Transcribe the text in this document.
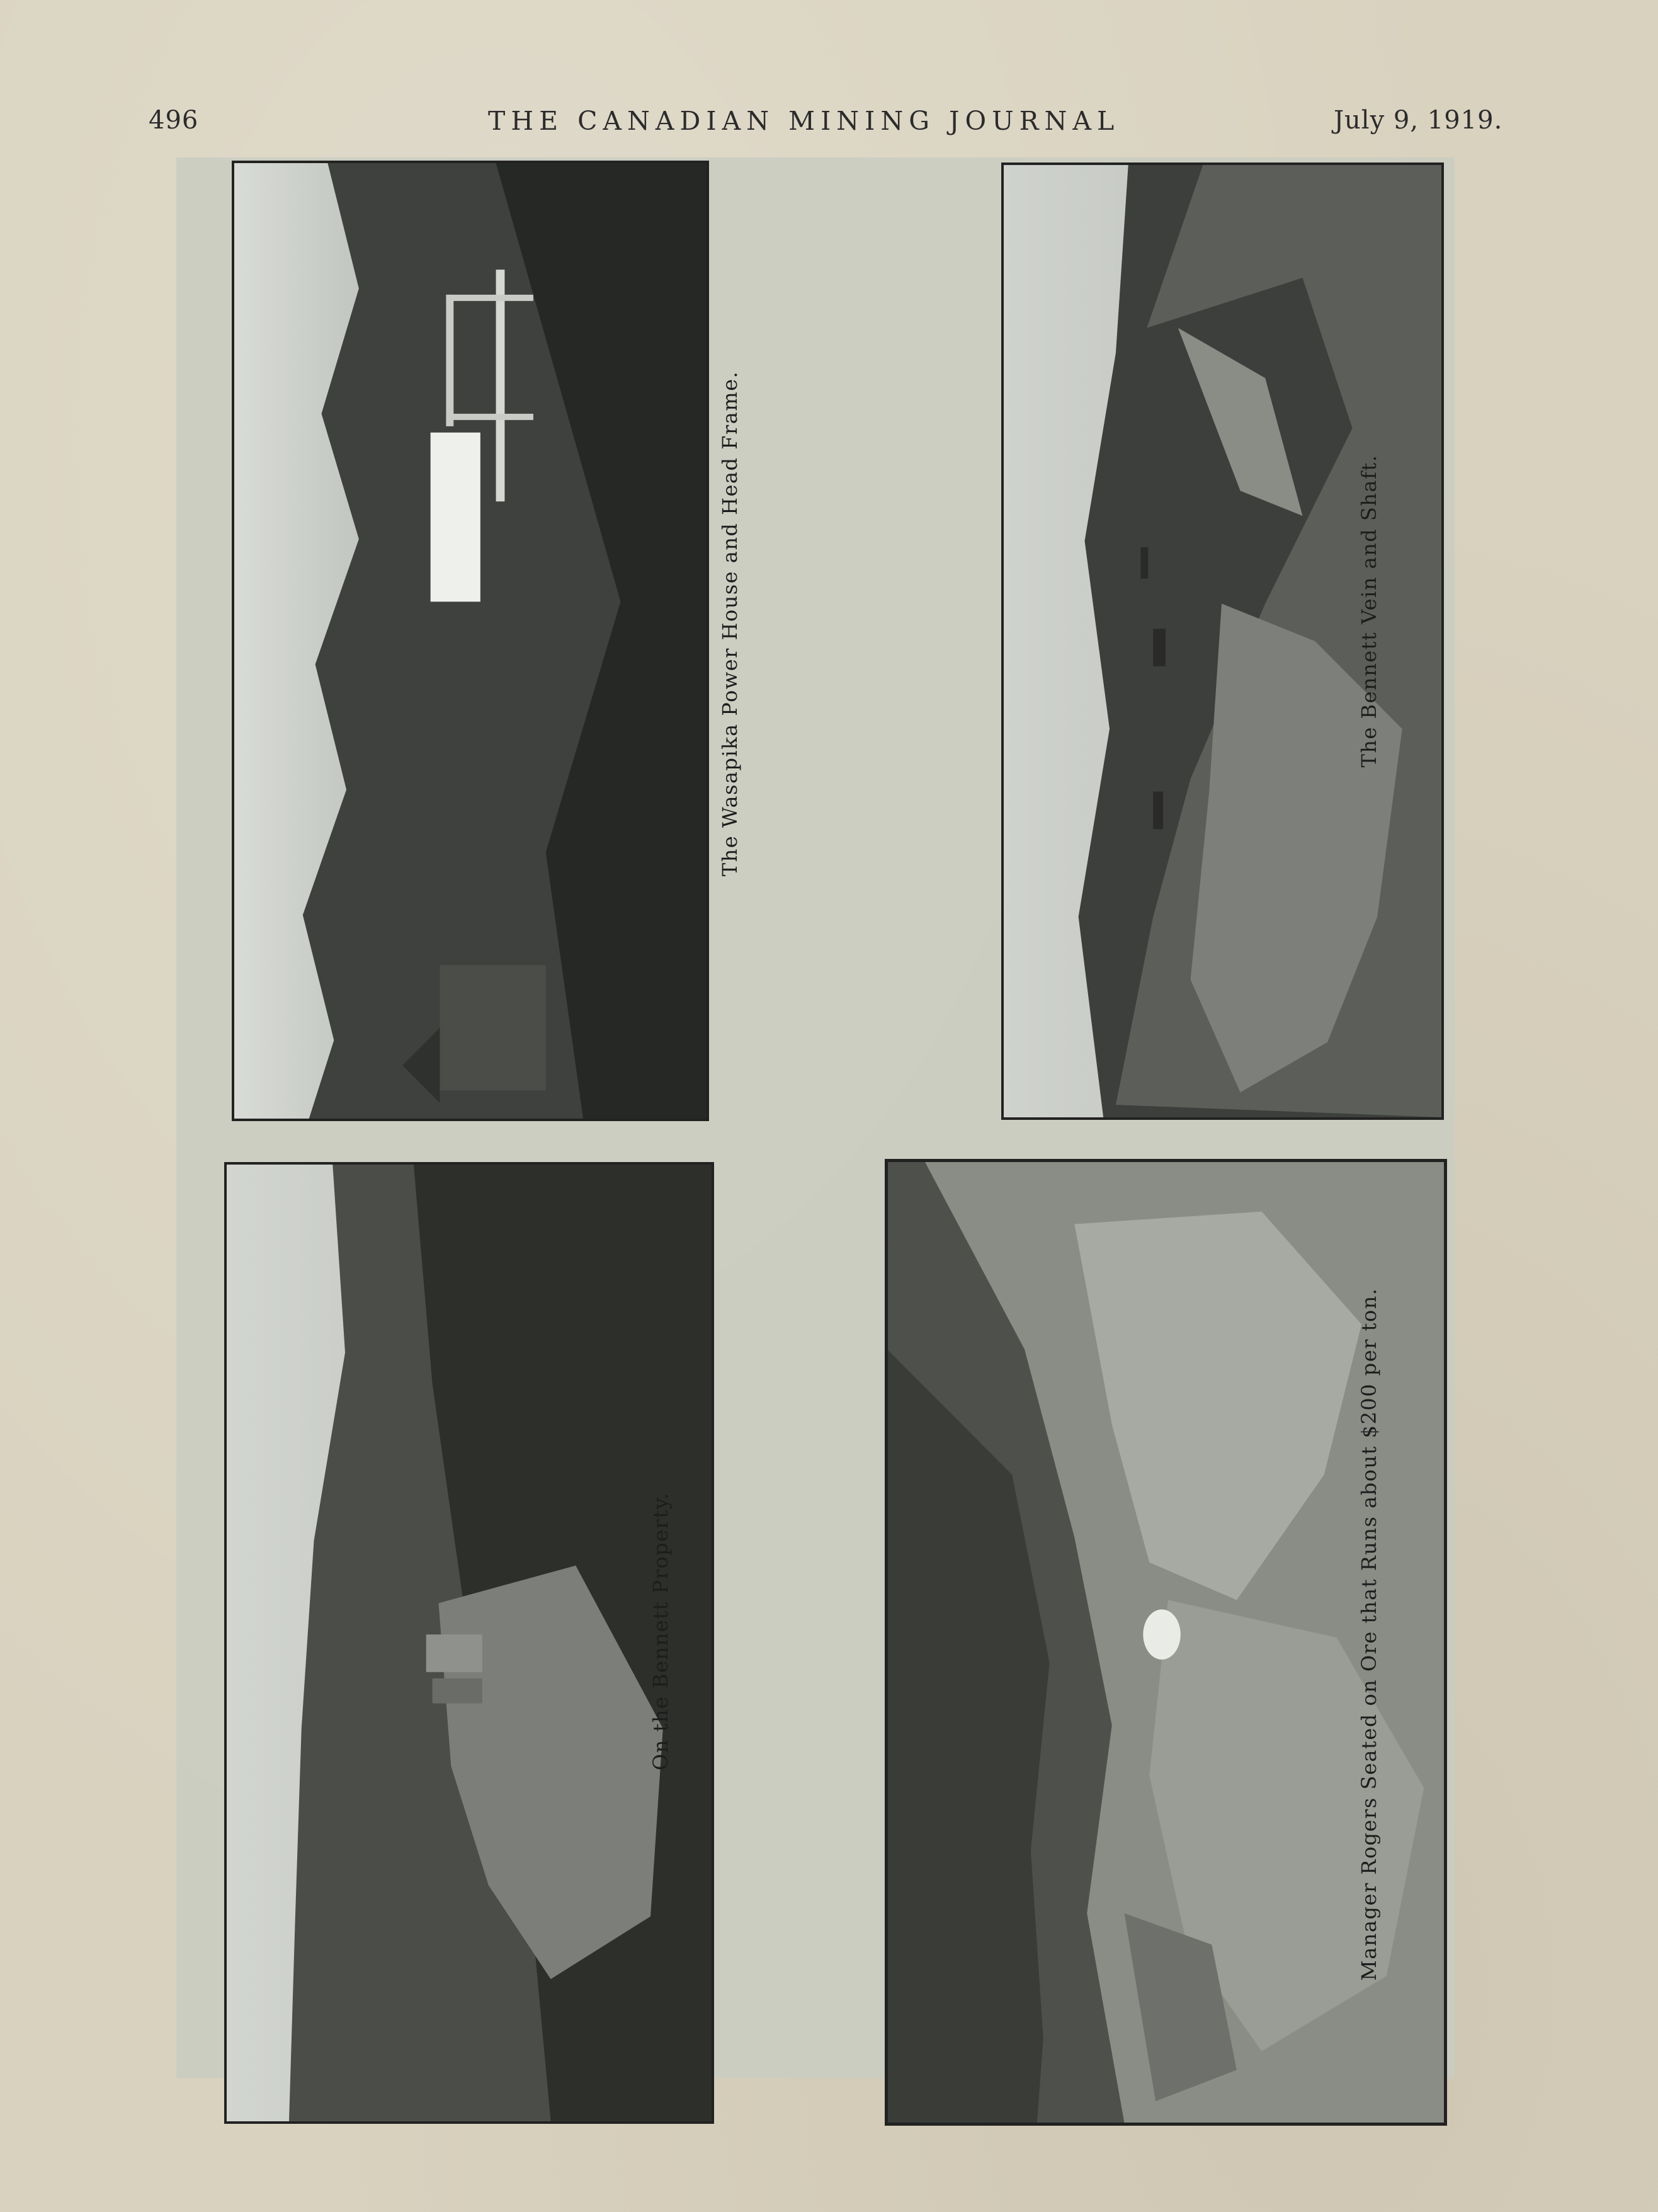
496	THE CANADIAN MINING JOURNAL	July 9, 1919.
The Wasapika Power House and Head Frame.	The Bennett Vein and Shaft.
On the Bennett Property.	Manager Rogers Seated on Ore that Runs about $200 per ton.
